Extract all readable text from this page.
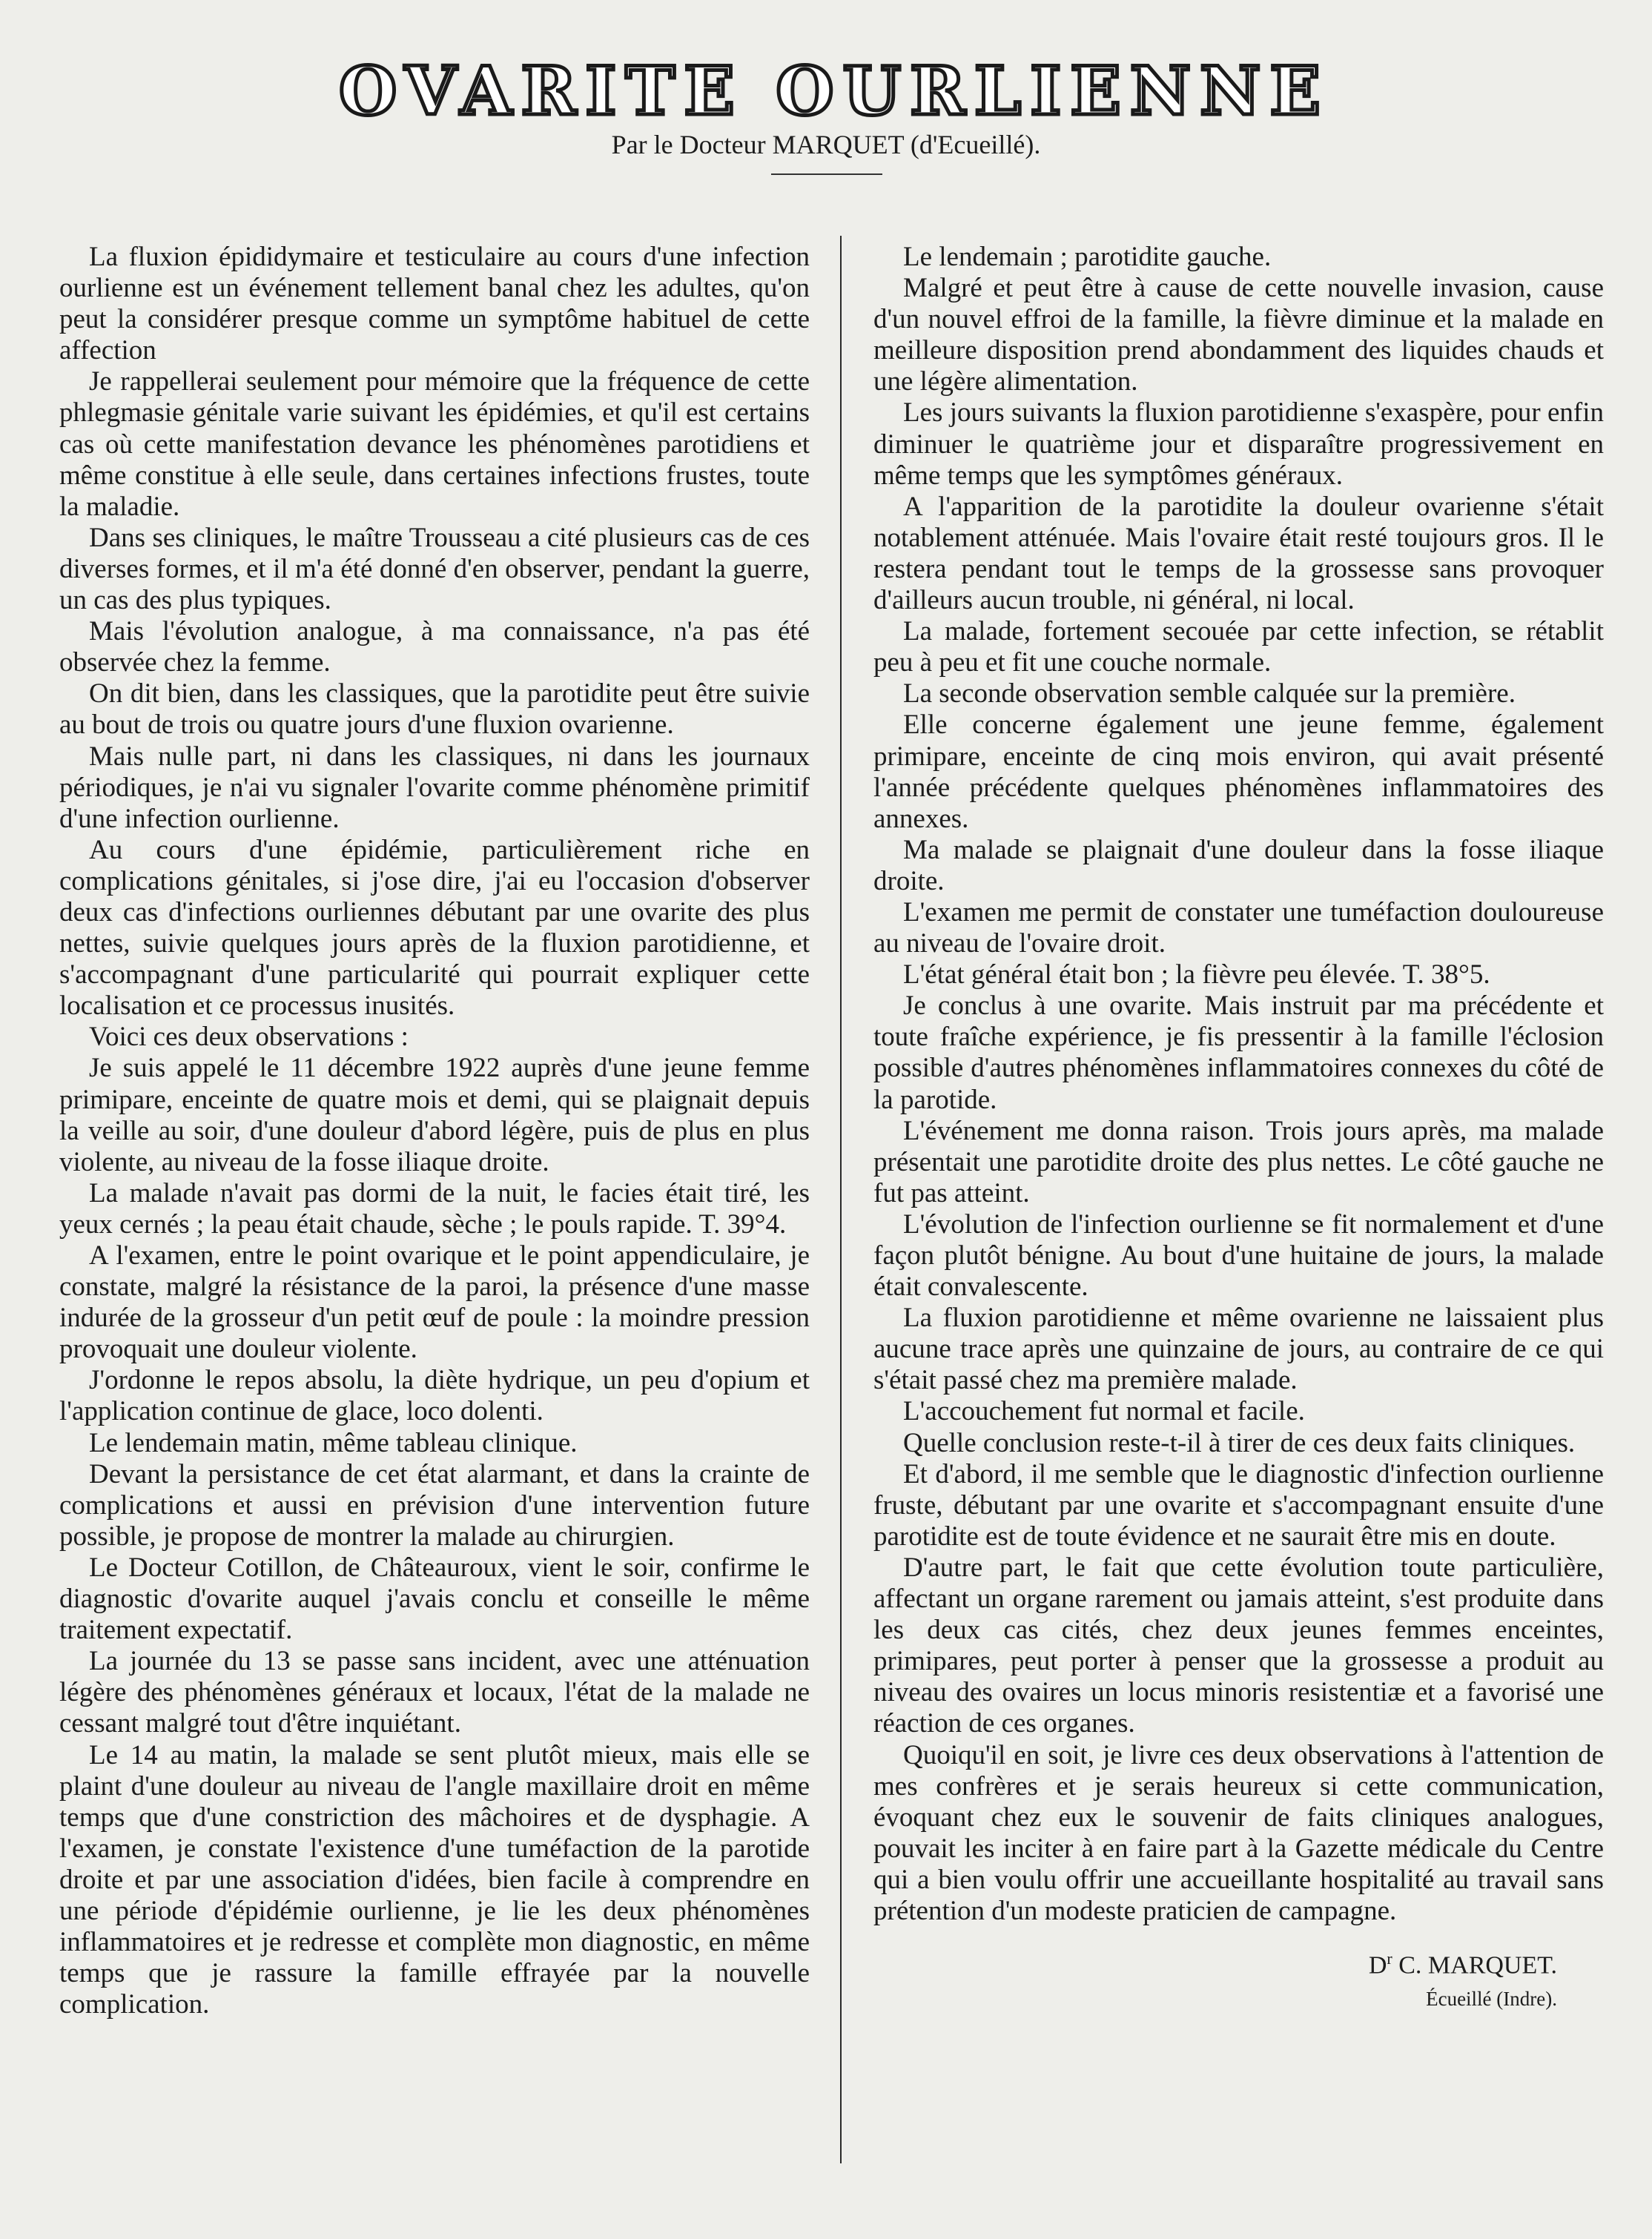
OVARITE OURLIENNE

Par le Docteur MARQUET (d'Ecueillé).

La fluxion épididymaire et testiculaire au cours d'une infection ourlienne est un événement tellement banal chez les adultes, qu'on peut la considérer presque comme un symptôme habituel de cette affection

Je rappellerai seulement pour mémoire que la fréquence de cette phlegmasie génitale varie suivant les épidémies, et qu'il est certains cas où cette manifestation devance les phénomènes parotidiens et même constitue à elle seule, dans certaines infections frustes, toute la maladie.

Dans ses cliniques, le maître Trousseau a cité plusieurs cas de ces diverses formes, et il m'a été donné d'en observer, pendant la guerre, un cas des plus typiques.

Mais l'évolution analogue, à ma connaissance, n'a pas été observée chez la femme.

On dit bien, dans les classiques, que la parotidite peut être suivie au bout de trois ou quatre jours d'une fluxion ovarienne.

Mais nulle part, ni dans les classiques, ni dans les journaux périodiques, je n'ai vu signaler l'ovarite comme phénomène primitif d'une infection ourlienne.

Au cours d'une épidémie, particulièrement riche en complications génitales, si j'ose dire, j'ai eu l'occasion d'observer deux cas d'infections ourliennes débutant par une ovarite des plus nettes, suivie quelques jours après de la fluxion parotidienne, et s'accompagnant d'une particularité qui pourrait expliquer cette localisation et ce processus inusités.

Voici ces deux observations :

Je suis appelé le 11 décembre 1922 auprès d'une jeune femme primipare, enceinte de quatre mois et demi, qui se plaignait depuis la veille au soir, d'une douleur d'abord légère, puis de plus en plus violente, au niveau de la fosse iliaque droite.

La malade n'avait pas dormi de la nuit, le facies était tiré, les yeux cernés ; la peau était chaude, sèche ; le pouls rapide. T. 39°4.

A l'examen, entre le point ovarique et le point appendiculaire, je constate, malgré la résistance de la paroi, la présence d'une masse indurée de la grosseur d'un petit œuf de poule : la moindre pression provoquait une douleur violente.

J'ordonne le repos absolu, la diète hydrique, un peu d'opium et l'application continue de glace, loco dolenti.

Le lendemain matin, même tableau clinique.

Devant la persistance de cet état alarmant, et dans la crainte de complications et aussi en prévision d'une intervention future possible, je propose de montrer la malade au chirurgien.

Le Docteur Cotillon, de Châteauroux, vient le soir, confirme le diagnostic d'ovarite auquel j'avais conclu et conseille le même traitement expectatif.

La journée du 13 se passe sans incident, avec une atténuation légère des phénomènes généraux et locaux, l'état de la malade ne cessant malgré tout d'être inquiétant.

Le 14 au matin, la malade se sent plutôt mieux, mais elle se plaint d'une douleur au niveau de l'angle maxillaire droit en même temps que d'une constriction des mâchoires et de dysphagie. A l'examen, je constate l'existence d'une tuméfaction de la parotide droite et par une association d'idées, bien facile à comprendre en une période d'épidémie ourlienne, je lie les deux phénomènes inflammatoires et je redresse et complète mon diagnostic, en même temps que je rassure la famille effrayée par la nouvelle complication.

Le lendemain ; parotidite gauche.

Malgré et peut être à cause de cette nouvelle invasion, cause d'un nouvel effroi de la famille, la fièvre diminue et la malade en meilleure disposition prend abondamment des liquides chauds et une légère alimentation.

Les jours suivants la fluxion parotidienne s'exaspère, pour enfin diminuer le quatrième jour et disparaître progressivement en même temps que les symptômes généraux.

A l'apparition de la parotidite la douleur ovarienne s'était notablement atténuée. Mais l'ovaire était resté toujours gros. Il le restera pendant tout le temps de la grossesse sans provoquer d'ailleurs aucun trouble, ni général, ni local.

La malade, fortement secouée par cette infection, se rétablit peu à peu et fit une couche normale.

La seconde observation semble calquée sur la première.

Elle concerne également une jeune femme, également primipare, enceinte de cinq mois environ, qui avait présenté l'année précédente quelques phénomènes inflammatoires des annexes.

Ma malade se plaignait d'une douleur dans la fosse iliaque droite.

L'examen me permit de constater une tuméfaction douloureuse au niveau de l'ovaire droit.

L'état général était bon ; la fièvre peu élevée. T. 38°5.

Je conclus à une ovarite. Mais instruit par ma précédente et toute fraîche expérience, je fis pressentir à la famille l'éclosion possible d'autres phénomènes inflammatoires connexes du côté de la parotide.

L'événement me donna raison. Trois jours après, ma malade présentait une parotidite droite des plus nettes. Le côté gauche ne fut pas atteint.

L'évolution de l'infection ourlienne se fit normalement et d'une façon plutôt bénigne. Au bout d'une huitaine de jours, la malade était convalescente.

La fluxion parotidienne et même ovarienne ne laissaient plus aucune trace après une quinzaine de jours, au contraire de ce qui s'était passé chez ma première malade.

L'accouchement fut normal et facile.

Quelle conclusion reste-t-il à tirer de ces deux faits cliniques.

Et d'abord, il me semble que le diagnostic d'infection ourlienne fruste, débutant par une ovarite et s'accompagnant ensuite d'une parotidite est de toute évidence et ne saurait être mis en doute.

D'autre part, le fait que cette évolution toute particulière, affectant un organe rarement ou jamais atteint, s'est produite dans les deux cas cités, chez deux jeunes femmes enceintes, primipares, peut porter à penser que la grossesse a produit au niveau des ovaires un locus minoris resistentiæ et a favorisé une réaction de ces organes.

Quoiqu'il en soit, je livre ces deux observations à l'attention de mes confrères et je serais heureux si cette communication, évoquant chez eux le souvenir de faits cliniques analogues, pouvait les inciter à en faire part à la Gazette médicale du Centre qui a bien voulu offrir une accueillante hospitalité au travail sans prétention d'un modeste praticien de campagne.

$D^r$ C. MARQUET.

Écueillé (Indre).
